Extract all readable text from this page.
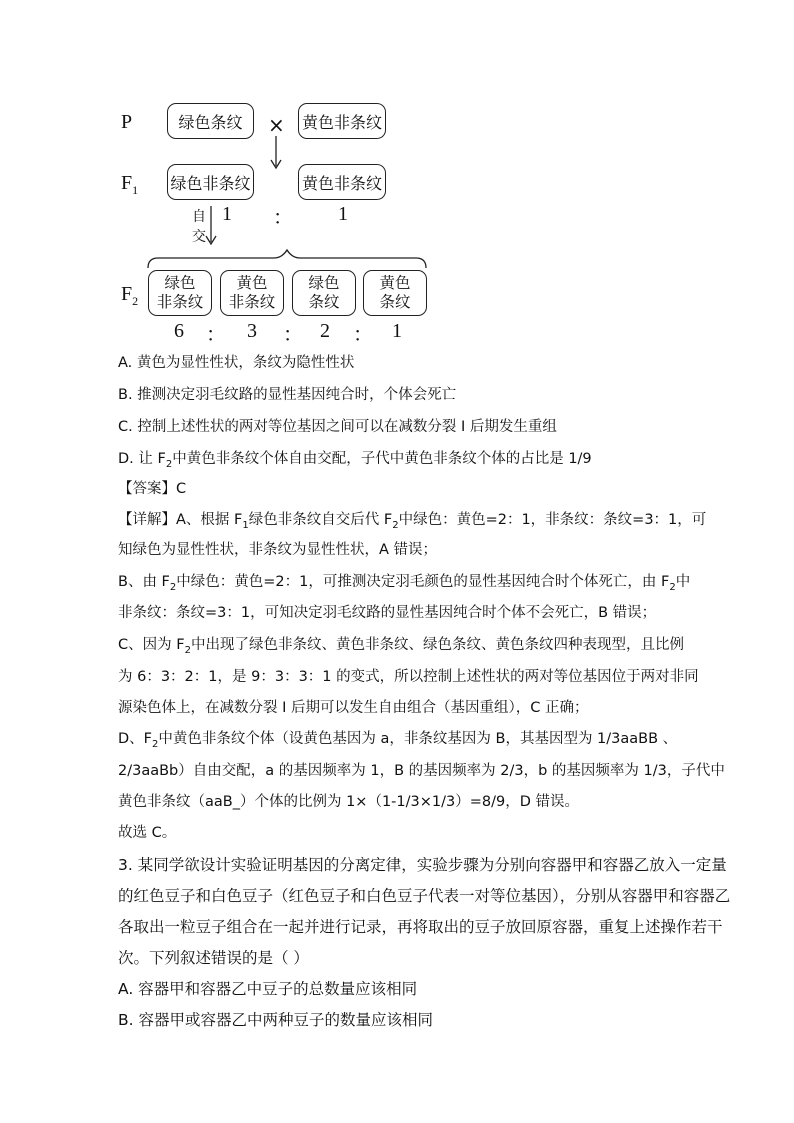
P
$F_1$
$F_2$
绿色条纹	× 黄色非条纹
绿色非条纹	黄色非条纹
1 ： 1
自
交
绿色
非条纹
黄色
非条纹
绿色
条纹
黄色
条纹
6 ： 3 ： 2 ： 1
A. 黄色为显性性状，条纹为隐性性状
B. 推测决定羽毛纹路的显性基因纯合时，个体会死亡
C. 控制上述性状的两对等位基因之间可以在减数分裂 I 后期发生重组
D. 让 $F_2$中黄色非条纹个体自由交配，子代中黄色非条纹个体的占比是 1/9
【答案】C
【详解】A、根据 $F_1$绿色非条纹自交后代 $F_2$中绿色：黄色=2：1，非条纹：条纹=3：1，可
知绿色为显性性状，非条纹为显性性状，A 错误；
B、由 $F_2$中绿色：黄色=2：1，可推测决定羽毛颜色的显性基因纯合时个体死亡，由 $F_2$中
非条纹：条纹=3：1，可知决定羽毛纹路的显性基因纯合时个体不会死亡，B 错误；
C、因为 $F_2$中出现了绿色非条纹、黄色非条纹、绿色条纹、黄色条纹四种表现型，且比例
为 6：3：2：1，是 9：3：3：1 的变式，所以控制上述性状的两对等位基因位于两对非同
源染色体上，在减数分裂 I 后期可以发生自由组合（基因重组），C 正确；
D、$F_2$中黄色非条纹个体（设黄色基因为 a，非条纹基因为 B，其基因型为 1/3aaBB 、
2/3aaBb）自由交配，a 的基因频率为 1，B 的基因频率为 2/3，b 的基因频率为 1/3，子代中
黄色非条纹（aaB_）个体的比例为 1×（1-1/3×1/3）=8/9，D 错误。
故选 C。
3. 某同学欲设计实验证明基因的分离定律，实验步骤为分别向容器甲和容器乙放入一定量
的红色豆子和白色豆子（红色豆子和白色豆子代表一对等位基因），分别从容器甲和容器乙
各取出一粒豆子组合在一起并进行记录，再将取出的豆子放回原容器，重复上述操作若干
次。下列叙述错误的是（ ）
A. 容器甲和容器乙中豆子的总数量应该相同
B. 容器甲或容器乙中两种豆子的数量应该相同
